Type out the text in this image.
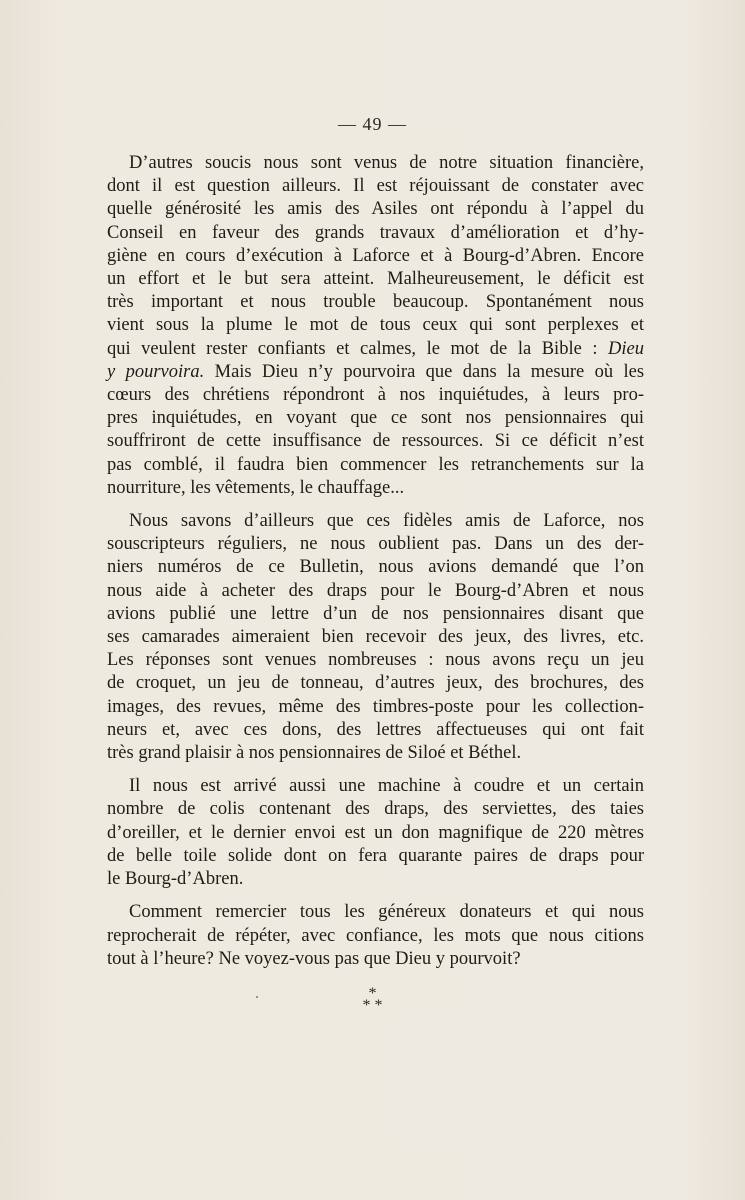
— 49 —
D’autres soucis nous sont venus de notre situation financière,
dont il est question ailleurs. Il est réjouissant de constater avec
quelle générosité les amis des Asiles ont répondu à l’appel du
Conseil en faveur des grands travaux d’amélioration et d’hy-
giène en cours d’exécution à Laforce et à Bourg-d’Abren. Encore
un effort et le but sera atteint. Malheureusement, le déficit est
très important et nous trouble beaucoup. Spontanément nous
vient sous la plume le mot de tous ceux qui sont perplexes et
qui veulent rester confiants et calmes, le mot de la Bible : Dieu
y pourvoira. Mais Dieu n’y pourvoira que dans la mesure où les
cœurs des chrétiens répondront à nos inquiétudes, à leurs pro-
pres inquiétudes, en voyant que ce sont nos pensionnaires qui
souffriront de cette insuffisance de ressources. Si ce déficit n’est
pas comblé, il faudra bien commencer les retranchements sur la
nourriture, les vêtements, le chauffage...
Nous savons d’ailleurs que ces fidèles amis de Laforce, nos
souscripteurs réguliers, ne nous oublient pas. Dans un des der-
niers numéros de ce Bulletin, nous avions demandé que l’on
nous aide à acheter des draps pour le Bourg-d’Abren et nous
avions publié une lettre d’un de nos pensionnaires disant que
ses camarades aimeraient bien recevoir des jeux, des livres, etc.
Les réponses sont venues nombreuses : nous avons reçu un jeu
de croquet, un jeu de tonneau, d’autres jeux, des brochures, des
images, des revues, même des timbres-poste pour les collection-
neurs et, avec ces dons, des lettres affectueuses qui ont fait
très grand plaisir à nos pensionnaires de Siloé et Béthel.
Il nous est arrivé aussi une machine à coudre et un certain
nombre de colis contenant des draps, des serviettes, des taies
d’oreiller, et le dernier envoi est un don magnifique de 220 mètres
de belle toile solide dont on fera quarante paires de draps pour
le Bourg-d’Abren.
Comment remercier tous les généreux donateurs et qui nous
reprocherait de répéter, avec confiance, les mots que nous citions
tout à l’heure? Ne voyez-vous pas que Dieu y pourvoit?
*
* *
